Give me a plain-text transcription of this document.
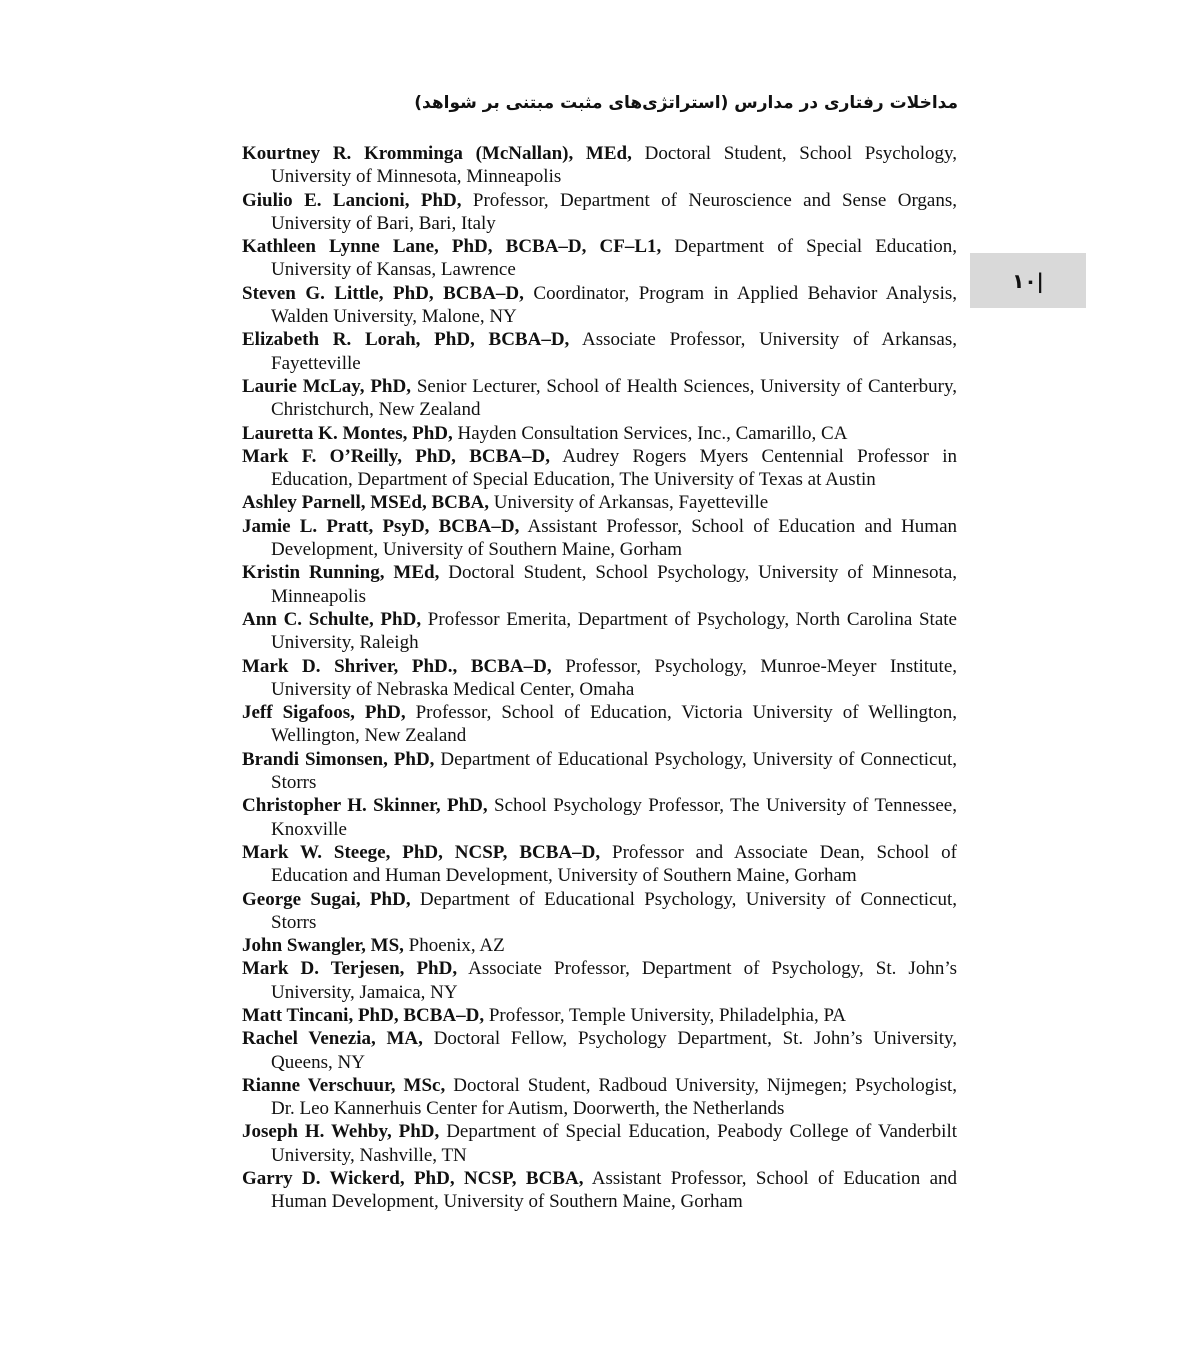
مداخلات رفتاری در مدارس (استراتژی‌های مثبت مبتنی بر شواهد)
۱۰|
Kourtney R. Kromminga (McNallan), MEd, Doctoral Student, School Psychology, University of Minnesota, Minneapolis
Giulio E. Lancioni, PhD, Professor, Department of Neuroscience and Sense Organs, University of Bari, Bari, Italy
Kathleen Lynne Lane, PhD, BCBA–D, CF–L1, Department of Special Education, University of Kansas, Lawrence
Steven G. Little, PhD, BCBA–D, Coordinator, Program in Applied Behavior Analysis, Walden University, Malone, NY
Elizabeth R. Lorah, PhD, BCBA–D, Associate Professor, University of Arkansas, Fayetteville
Laurie McLay, PhD, Senior Lecturer, School of Health Sciences, University of Canterbury, Christchurch, New Zealand
Lauretta K. Montes, PhD, Hayden Consultation Services, Inc., Camarillo, CA
Mark F. O’Reilly, PhD, BCBA–D, Audrey Rogers Myers Centennial Professor in Education, Department of Special Education, The University of Texas at Austin
Ashley Parnell, MSEd, BCBA, University of Arkansas, Fayetteville
Jamie L. Pratt, PsyD, BCBA–D, Assistant Professor, School of Education and Human Development, University of Southern Maine, Gorham
Kristin Running, MEd, Doctoral Student, School Psychology, University of Minnesota, Minneapolis
Ann C. Schulte, PhD, Professor Emerita, Department of Psychology, North Carolina State University, Raleigh
Mark D. Shriver, PhD., BCBA–D, Professor, Psychology, Munroe-Meyer Institute, University of Nebraska Medical Center, Omaha
Jeff Sigafoos, PhD, Professor, School of Education, Victoria University of Wellington, Wellington, New Zealand
Brandi Simonsen, PhD, Department of Educational Psychology, University of Connecticut, Storrs
Christopher H. Skinner, PhD, School Psychology Professor, The University of Tennessee, Knoxville
Mark W. Steege, PhD, NCSP, BCBA–D, Professor and Associate Dean, School of Education and Human Development, University of Southern Maine, Gorham
George Sugai, PhD, Department of Educational Psychology, University of Connecticut, Storrs
John Swangler, MS, Phoenix, AZ
Mark D. Terjesen, PhD, Associate Professor, Department of Psychology, St. John’s University, Jamaica, NY
Matt Tincani, PhD, BCBA–D, Professor, Temple University, Philadelphia, PA
Rachel Venezia, MA, Doctoral Fellow, Psychology Department, St. John’s University, Queens, NY
Rianne Verschuur, MSc, Doctoral Student, Radboud University, Nijmegen; Psychologist, Dr. Leo Kannerhuis Center for Autism, Doorwerth, the Netherlands
Joseph H. Wehby, PhD, Department of Special Education, Peabody College of Vanderbilt University, Nashville, TN
Garry D. Wickerd, PhD, NCSP, BCBA, Assistant Professor, School of Education and Human Development, University of Southern Maine, Gorham
